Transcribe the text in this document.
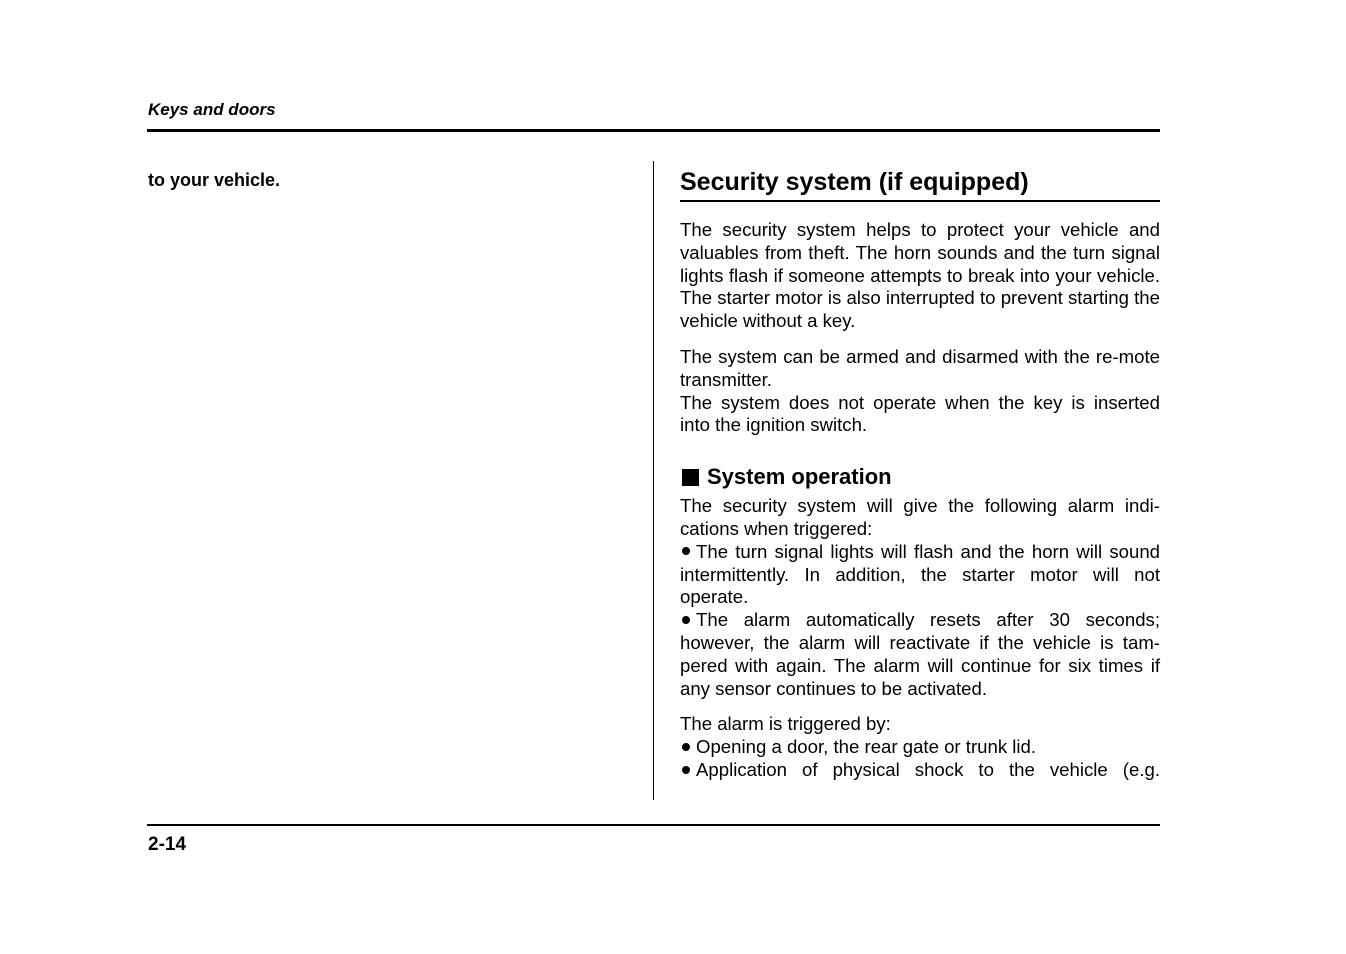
Keys and doors
to your vehicle.	Security system (if equipped)

The security system helps to protect your vehicle and valuables from theft. The horn sounds and the turn signal lights flash if someone attempts to break into your vehicle. The starter motor is also interrupted to prevent starting the vehicle without a key.

The system can be armed and disarmed with the re-mote transmitter.

The system does not operate when the key is inserted into the ignition switch.

System operation

The security system will give the following alarm indi-cations when triggered:

The turn signal lights will flash and the horn will sound intermittently. In addition, the starter motor will not operate.

The alarm automatically resets after 30 seconds; however, the alarm will reactivate if the vehicle is tam-pered with again. The alarm will continue for six times if any sensor continues to be activated.

The alarm is triggered by:

Opening a door, the rear gate or trunk lid.

Application of physical shock to the vehicle (e.g.

2-14
